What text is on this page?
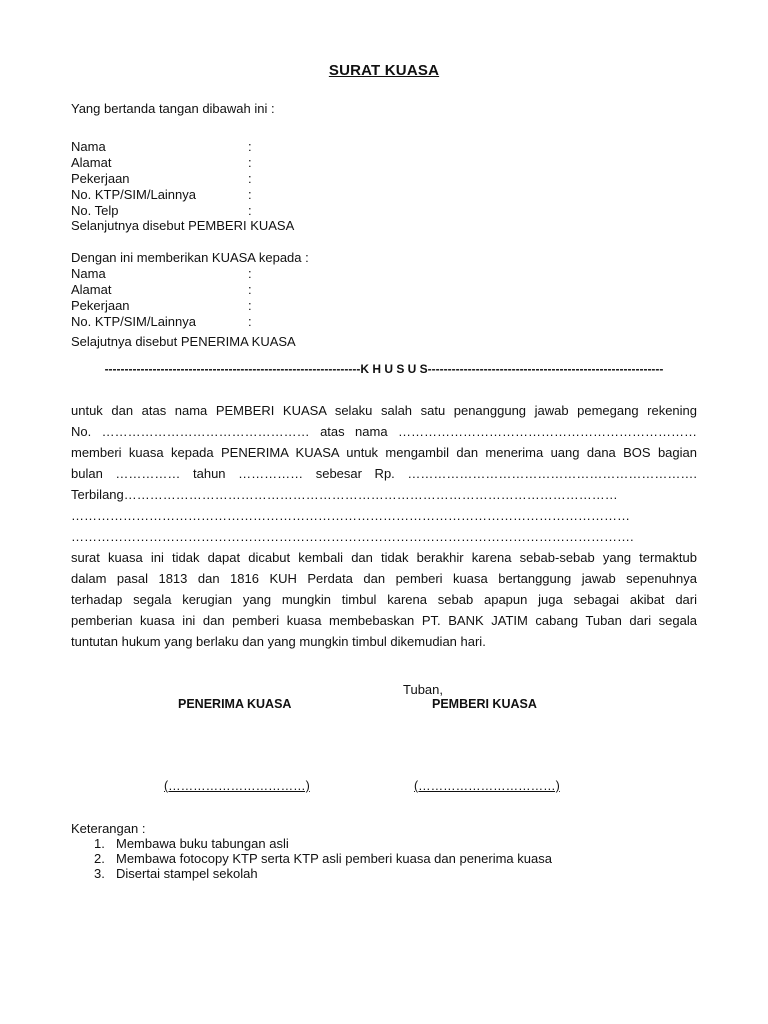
SURAT KUASA
Yang bertanda tangan dibawah ini :
Nama	:
Alamat	:
Pekerjaan	:
No. KTP/SIM/Lainnya	:
No. Telp	:
Selanjutnya disebut PEMBERI KUASA
Dengan ini memberikan KUASA kepada :
Nama	:
Alamat	:
Pekerjaan	:
No. KTP/SIM/Lainnya	:
Selajutnya disebut PENERIMA KUASA
----------------------------------------------------------------K H U S U S-----------------------------------------------------------
untuk dan atas nama PEMBERI KUASA selaku salah satu penanggung jawab pemegang rekening
No. ………………………………………… atas nama ……………………………………………………………
memberi kuasa kepada PENERIMA KUASA untuk mengambil dan menerima uang dana BOS bagian
bulan …………… tahun …………… sebesar Rp. ………………………………………………………….
Terbilang……………………………………………………………………………………………………
…………………………………………………………………………………………………………………
………………………………………………………………………………………………………………….
surat kuasa ini tidak dapat dicabut kembali dan tidak berakhir karena sebab-sebab yang termaktub
dalam pasal 1813 dan 1816 KUH Perdata dan pemberi kuasa bertanggung jawab sepenuhnya
terhadap segala kerugian yang mungkin timbul karena sebab apapun juga sebagai akibat dari
pemberian kuasa ini dan pemberi kuasa membebaskan PT. BANK JATIM cabang Tuban dari segala
tuntutan hukum yang berlaku dan yang mungkin timbul dikemudian hari.
Tuban,
PENERIMA KUASA	PEMBERI KUASA
(……………………………)	(……………………………)
Keterangan :
1. Membawa buku tabungan asli
2. Membawa fotocopy KTP serta KTP asli pemberi kuasa dan penerima kuasa
3. Disertai stampel sekolah
